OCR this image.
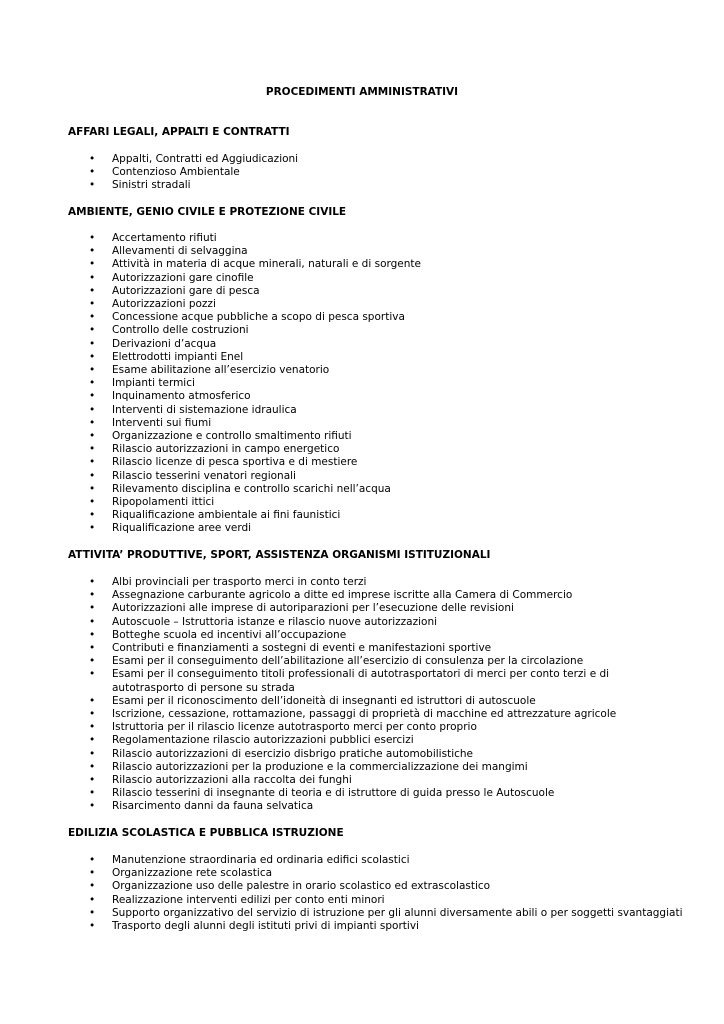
PROCEDIMENTI AMMINISTRATIVI
AFFARI LEGALI, APPALTI E CONTRATTI
• Appalti, Contratti ed Aggiudicazioni
• Contenzioso Ambientale
• Sinistri stradali
AMBIENTE, GENIO CIVILE E PROTEZIONE CIVILE
• Accertamento rifiuti
• Allevamenti di selvaggina
• Attività in materia di acque minerali, naturali e di sorgente
• Autorizzazioni gare cinofile
• Autorizzazioni gare di pesca
• Autorizzazioni pozzi
• Concessione acque pubbliche a scopo di pesca sportiva
• Controllo delle costruzioni
• Derivazioni d’acqua
• Elettrodotti impianti Enel
• Esame abilitazione all’esercizio venatorio
• Impianti termici
• Inquinamento atmosferico
• Interventi di sistemazione idraulica
• Interventi sui fiumi
• Organizzazione e controllo smaltimento rifiuti
• Rilascio autorizzazioni in campo energetico
• Rilascio licenze di pesca sportiva e di mestiere
• Rilascio tesserini venatori regionali
• Rilevamento disciplina e controllo scarichi nell’acqua
• Ripopolamenti ittici
• Riqualificazione ambientale ai fini faunistici
• Riqualificazione aree verdi
ATTIVITA’ PRODUTTIVE, SPORT, ASSISTENZA ORGANISMI ISTITUZIONALI
• Albi provinciali per trasporto merci in conto terzi
• Assegnazione carburante agricolo a ditte ed imprese iscritte alla Camera di Commercio
• Autorizzazioni alle imprese di autoriparazioni per l’esecuzione delle revisioni
• Autoscuole – Istruttoria istanze e rilascio nuove autorizzazioni
• Botteghe scuola ed incentivi all’occupazione
• Contributi e finanziamenti a sostegni di eventi e manifestazioni sportive
• Esami per il conseguimento dell’abilitazione all’esercizio di consulenza per la circolazione
• Esami per il conseguimento titoli professionali di autotrasportatori di merci per conto terzi e di autotrasporto di persone su strada
• Esami per il riconoscimento dell’idoneità di insegnanti ed istruttori di autoscuole
• Iscrizione, cessazione, rottamazione, passaggi di proprietà di macchine ed attrezzature agricole
• Istruttoria per il rilascio licenze autotrasporto merci per conto proprio
• Regolamentazione rilascio autorizzazioni pubblici esercizi
• Rilascio autorizzazioni di esercizio disbrigo pratiche automobilistiche
• Rilascio autorizzazioni per la produzione e la commercializzazione dei mangimi
• Rilascio autorizzazioni alla raccolta dei funghi
• Rilascio tesserini di insegnante di teoria e di istruttore di guida presso le Autoscuole
• Risarcimento danni da fauna selvatica
EDILIZIA SCOLASTICA E PUBBLICA ISTRUZIONE
• Manutenzione straordinaria ed ordinaria edifici scolastici
• Organizzazione rete scolastica
• Organizzazione uso delle palestre in orario scolastico ed extrascolastico
• Realizzazione interventi edilizi per conto enti minori
• Supporto organizzativo del servizio di istruzione per gli alunni diversamente abili o per soggetti svantaggiati
• Trasporto degli alunni degli istituti privi di impianti sportivi
